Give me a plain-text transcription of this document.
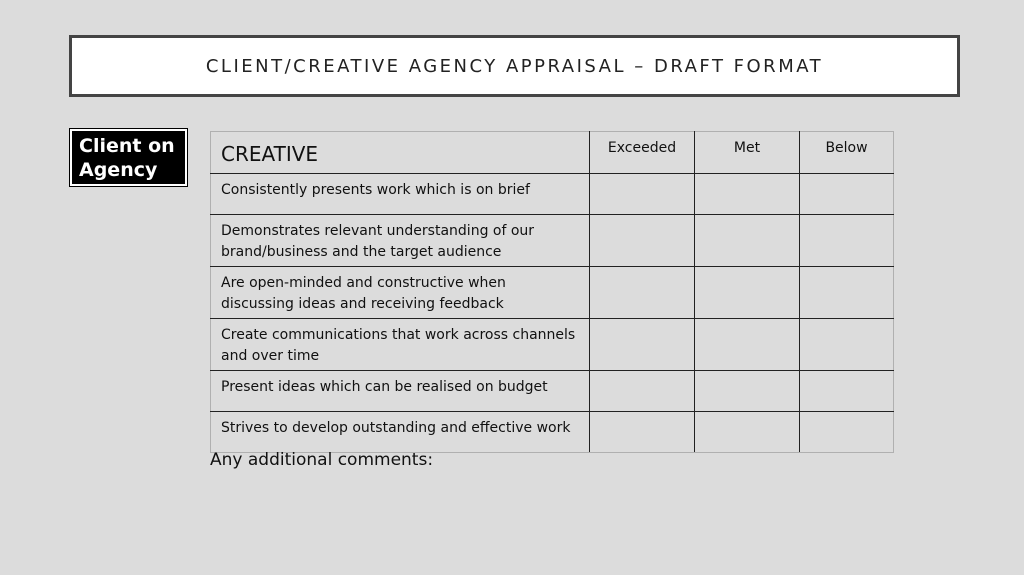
CLIENT/CREATIVE AGENCY APPRAISAL – DRAFT FORMAT
Client on Agency
CREATIVE	Exceeded	Met	Below
Consistently presents work which is on brief			
Demonstrates relevant understanding of our brand/business and the target audience			
Are open-minded and constructive when discussing ideas and receiving feedback			
Create communications that work across channels and over time			
Present ideas which can be realised on budget			
Strives to develop outstanding and effective work			
Any additional comments:
